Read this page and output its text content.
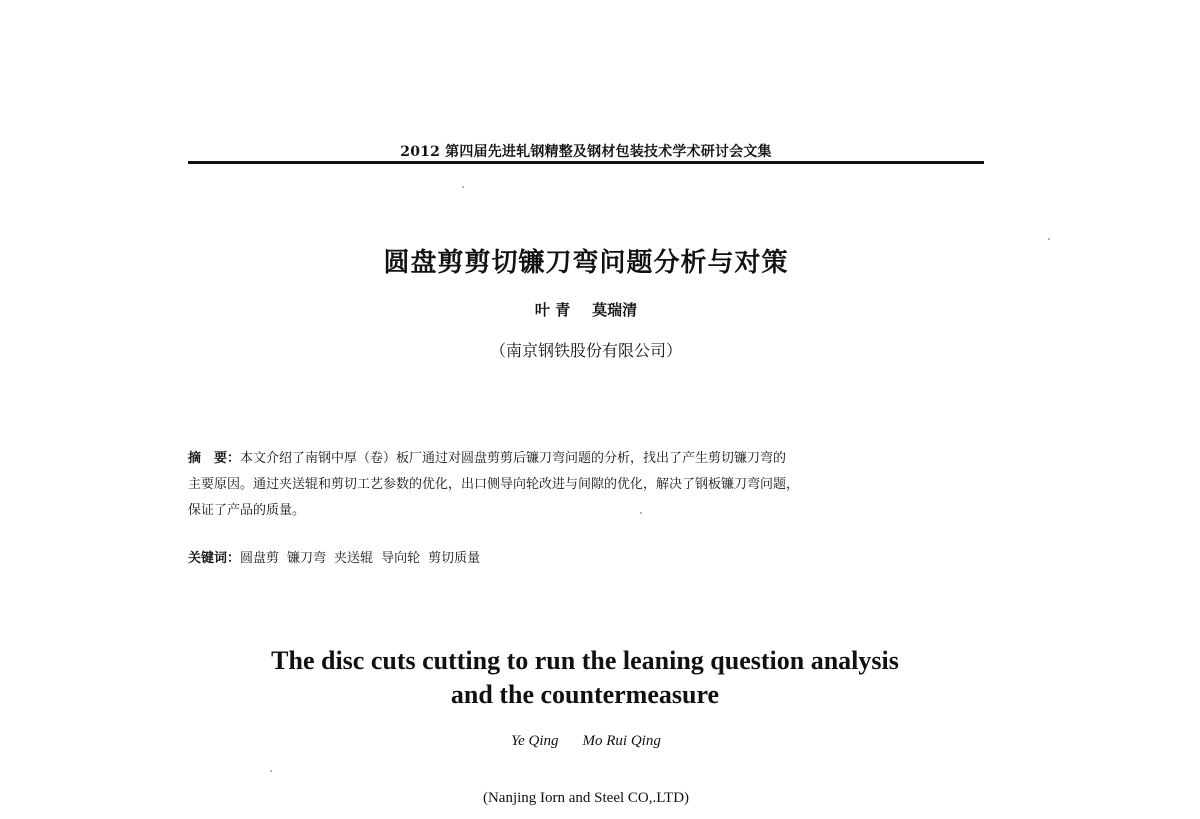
2012 第四届先进轧钢精整及钢材包装技术学术研讨会文集
圆盘剪剪切镰刀弯问题分析与对策
叶 青 莫瑞清
（南京钢铁股份有限公司）
摘　要：本文介绍了南钢中厚（卷）板厂通过对圆盘剪剪后镰刀弯问题的分析，找出了产生剪切镰刀弯的
主要原因。通过夹送辊和剪切工艺参数的优化，出口侧导向轮改进与间隙的优化，解决了钢板镰刀弯问题，
保证了产品的质量。
关键词：圆盘剪 镰刀弯 夹送辊 导向轮 剪切质量
The disc cuts cutting to run the leaning question analysis
and the countermeasure
Ye Qing Mo Rui Qing
(Nanjing Iorn and Steel CO,.LTD)
